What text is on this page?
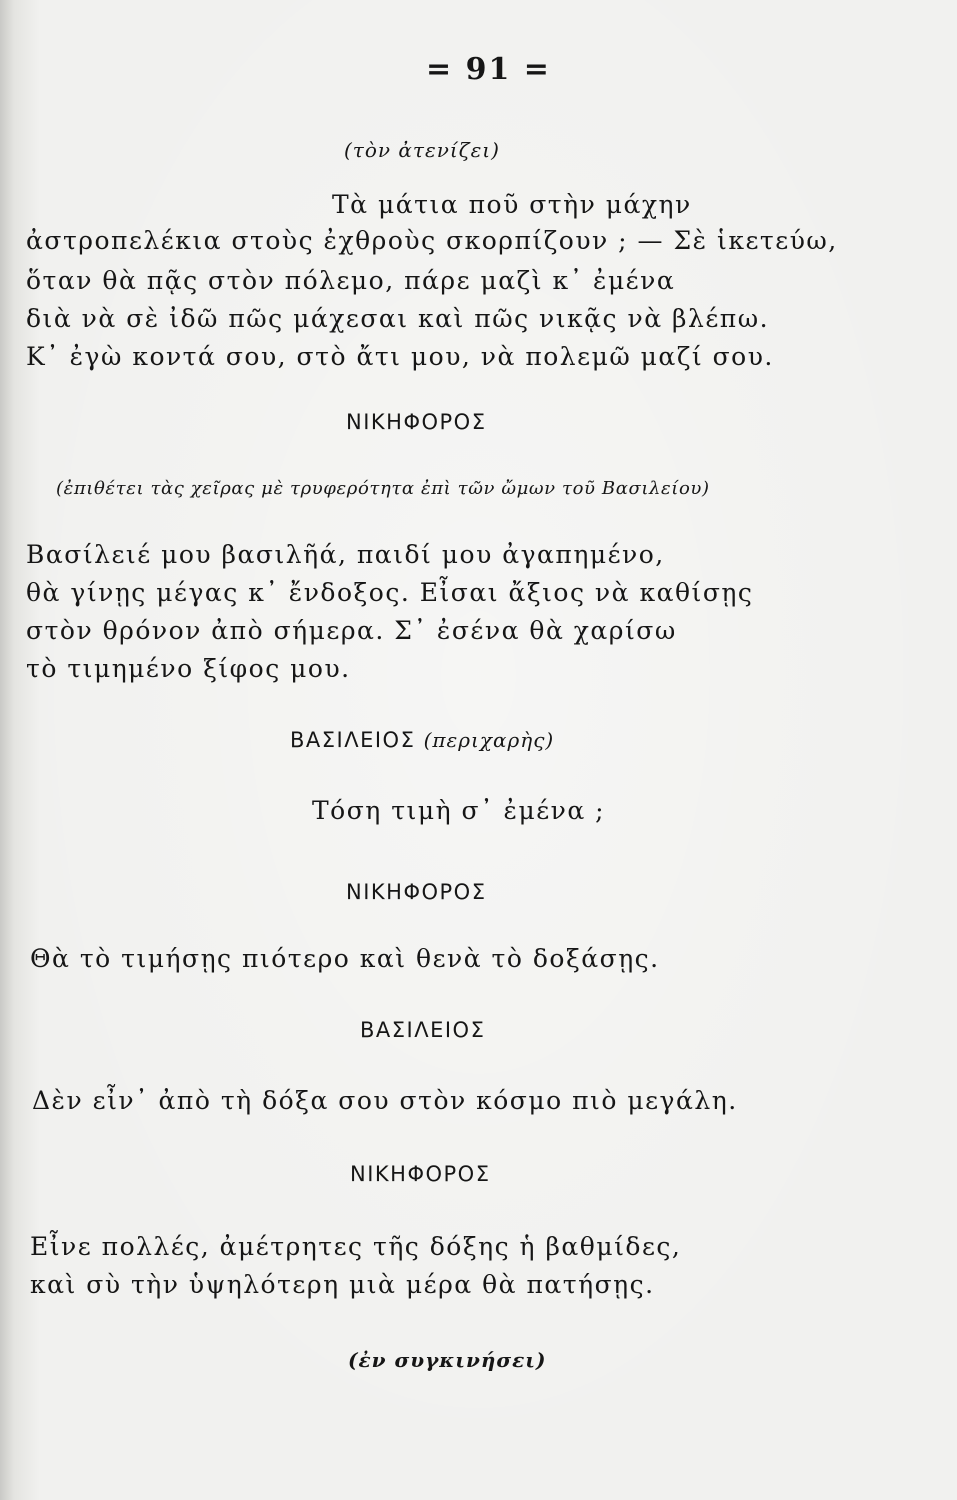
= 91 =

(τὸν ἀτενίζει)

Τὰ μάτια ποῦ στὴν μάχην

ἀστροπελέκια στοὺς ἐχθροὺς σκορπίζουν ; — Σὲ ἱκετεύω,

ὅταν θὰ πᾷς στὸν πόλεμο, πάρε μαζὶ κ᾽ ἐμένα

διὰ νὰ σὲ ἰδῶ πῶς μάχεσαι καὶ πῶς νικᾷς νὰ βλέπω.

Κ᾽ ἐγὼ κοντά σου, στὸ ἄτι μου, νὰ πολεμῶ μαζί σου.

ΝΙΚΗΦΟΡΟΣ

(ἐπιθέτει τὰς χεῖρας μὲ τρυφερότητα ἐπὶ τῶν ὤμων τοῦ Βασιλείου)

Βασίλειέ μου βασιλῆά, παιδί μου ἀγαπημένο,

θὰ γίνῃς μέγας κ᾽ ἔνδοξος. Εἶσαι ἄξιος νὰ καθίσῃς

στὸν θρόνον ἀπὸ σήμερα. Σ᾽ ἐσένα θὰ χαρίσω

τὸ τιμημένο ξίφος μου.

ΒΑΣΙΛΕΙΟΣ (περιχαρὴς)

Τόση τιμὴ σ᾽ ἐμένα ;

ΝΙΚΗΦΟΡΟΣ

Θὰ τὸ τιμήσῃς πιότερο καὶ θενὰ τὸ δοξάσῃς.

ΒΑΣΙΛΕΙΟΣ

Δὲν εἶν᾽ ἀπὸ τὴ δόξα σου στὸν κόσμο πιὸ μεγάλη.

ΝΙΚΗΦΟΡΟΣ

Εἶνε πολλές, ἀμέτρητες τῆς δόξης ἡ βαθμίδες,

καὶ σὺ τὴν ὑψηλότερη μιὰ μέρα θὰ πατήσῃς.

(ἐν συγκινήσει)
